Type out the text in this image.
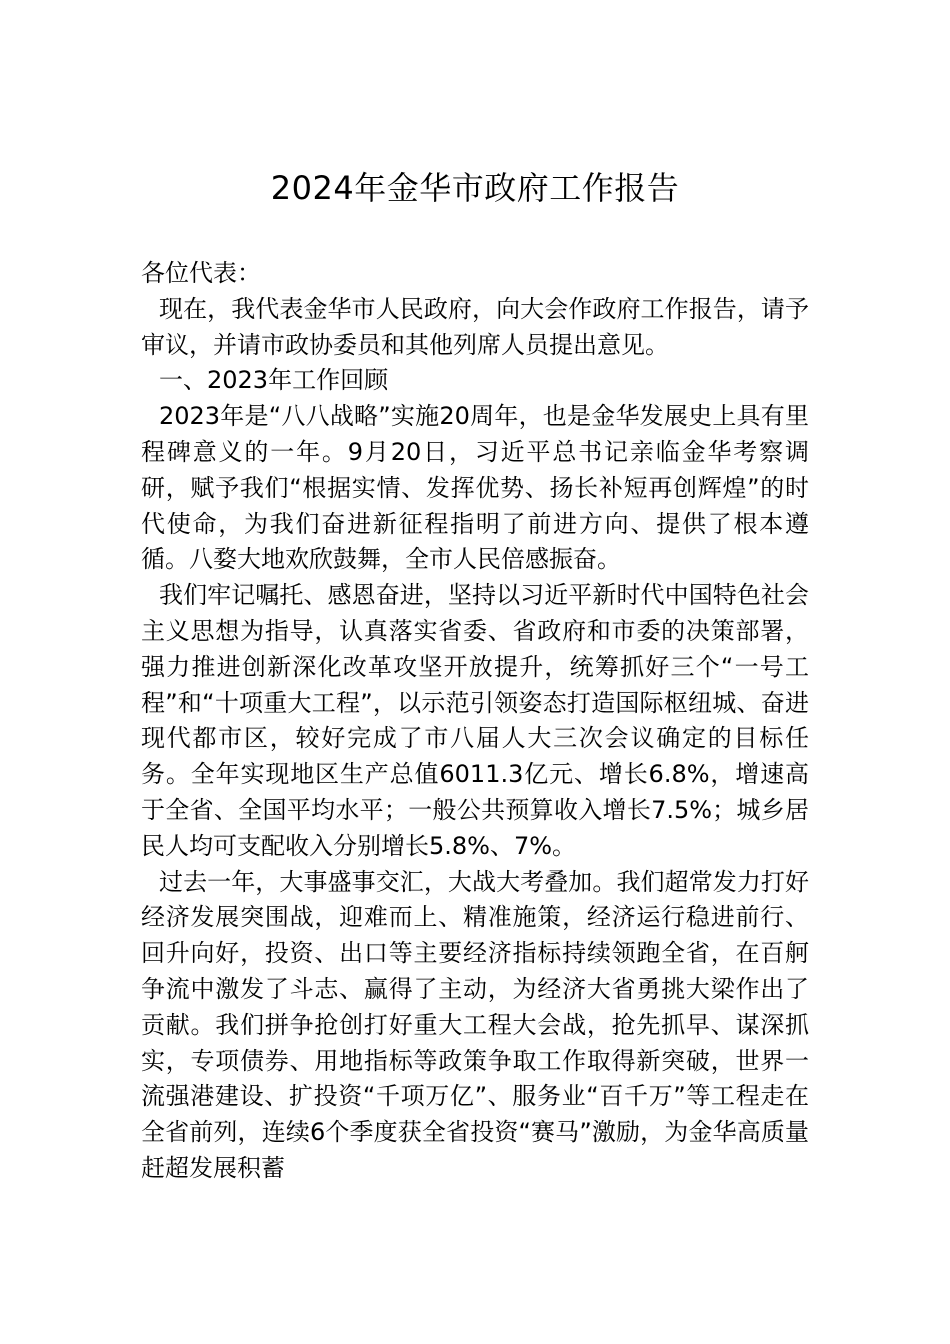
2024年金华市政府工作报告

各位代表：

现在，我代表金华市人民政府，向大会作政府工作报告，请予审议，并请市政协委员和其他列席人员提出意见。

一、2023年工作回顾

2023年是“八八战略”实施20周年，也是金华发展史上具有里程碑意义的一年。9月20日，习近平总书记亲临金华考察调研，赋予我们“根据实情、发挥优势、扬长补短再创辉煌”的时代使命，为我们奋进新征程指明了前进方向、提供了根本遵循。八婺大地欢欣鼓舞，全市人民倍感振奋。

我们牢记嘱托、感恩奋进，坚持以习近平新时代中国特色社会主义思想为指导，认真落实省委、省政府和市委的决策部署，强力推进创新深化改革攻坚开放提升，统筹抓好三个“一号工程”和“十项重大工程”，以示范引领姿态打造国际枢纽城、奋进现代都市区，较好完成了市八届人大三次会议确定的目标任务。全年实现地区生产总值6011.3亿元、增长6.8%，增速高于全省、全国平均水平；一般公共预算收入增长7.5%；城乡居民人均可支配收入分别增长5.8%、7%。

过去一年，大事盛事交汇，大战大考叠加。我们超常发力打好经济发展突围战，迎难而上、精准施策，经济运行稳进前行、回升向好，投资、出口等主要经济指标持续领跑全省，在百舸争流中激发了斗志、赢得了主动，为经济大省勇挑大梁作出了贡献。我们拼争抢创打好重大工程大会战，抢先抓早、谋深抓实，专项债券、用地指标等政策争取工作取得新突破，世界一流强港建设、扩投资“千项万亿”、服务业“百千万”等工程走在全省前列，连续6个季度获全省投资“赛马”激励，为金华高质量赶超发展积蓄
